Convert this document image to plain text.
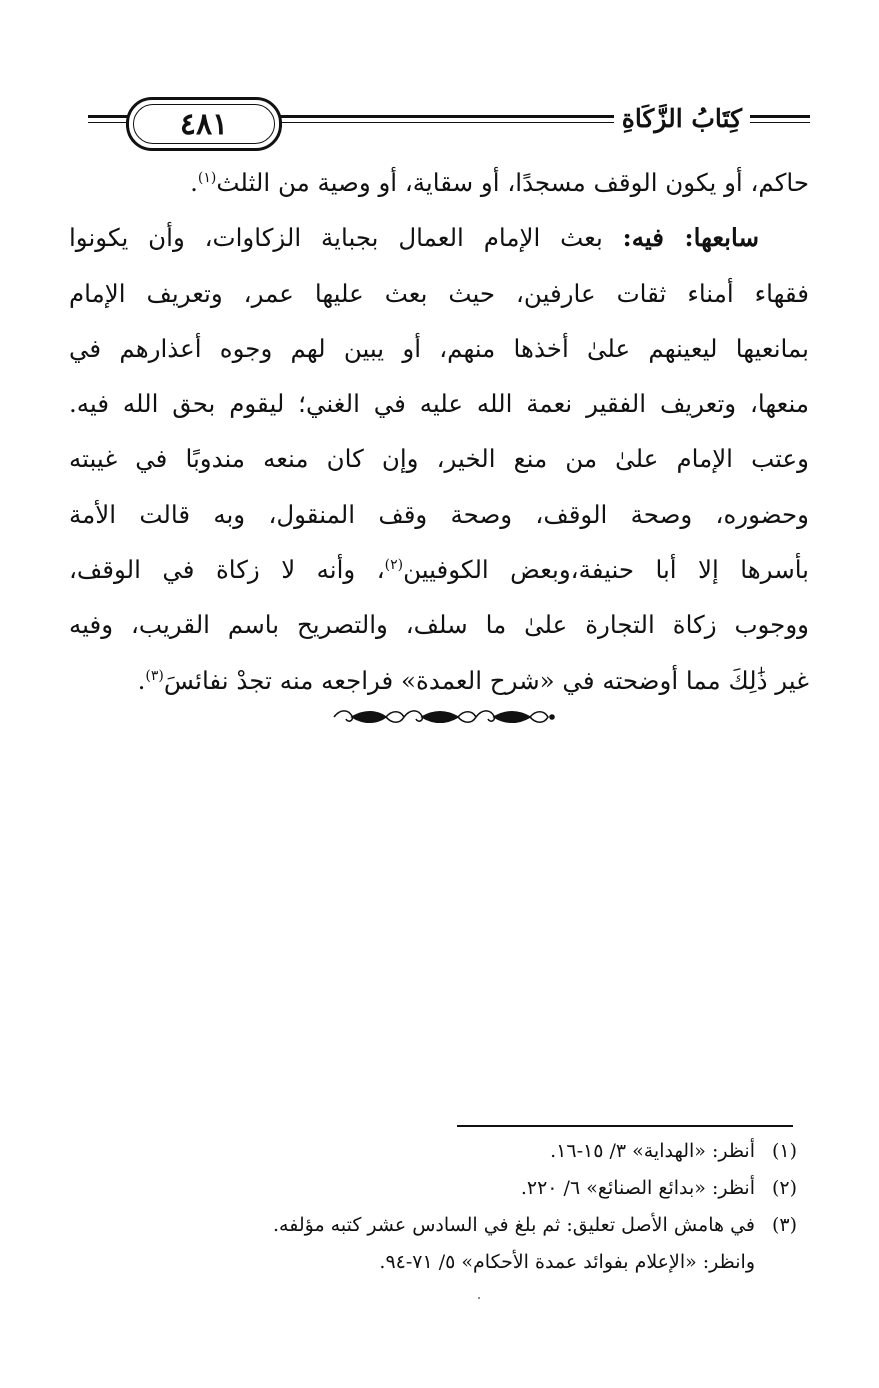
٤٨١	كِتَابُ الزَّكَاةِ
حاكم، أو يكون الوقف مسجدًا، أو سقاية، أو وصية من الثلث$^{(١)}$.
سابعها: فيه: بعث الإمام العمال بجباية الزكاوات، وأن يكونوا
فقهاء أمناء ثقات عارفين، حيث بعث عليها عمر، وتعريف الإمام
بمانعيها ليعينهم علىٰ أخذها منهم، أو يبين لهم وجوه أعذارهم في
منعها، وتعريف الفقير نعمة الله عليه في الغني؛ ليقوم بحق الله فيه.
وعتب الإمام علىٰ من منع الخير، وإن كان منعه مندوبًا في غيبته
وحضوره، وصحة الوقف، وصحة وقف المنقول، وبه قالت الأمة
بأسرها إلا أبا حنيفة،وبعض الكوفيين$^{(٢)}$، وأنه لا زكاة في الوقف،
ووجوب زكاة التجارة علىٰ ما سلف، والتصريح باسم القريب، وفيه
غير ذَٰلِكَ مما أوضحته في «شرح العمدة» فراجعه منه تجدْ نفائسَ$^{(٣)}$.
(١)
أنظر: «الهداية» ٣/ ١٥-١٦.
(٢)
أنظر: «بدائع الصنائع» ٦/ ٢٢٠.
(٣)
في هامش الأصل تعليق: ثم بلغ في السادس عشر كتبه مؤلفه.
وانظر: «الإعلام بفوائد عمدة الأحكام» ٥/ ٧١-٩٤.
